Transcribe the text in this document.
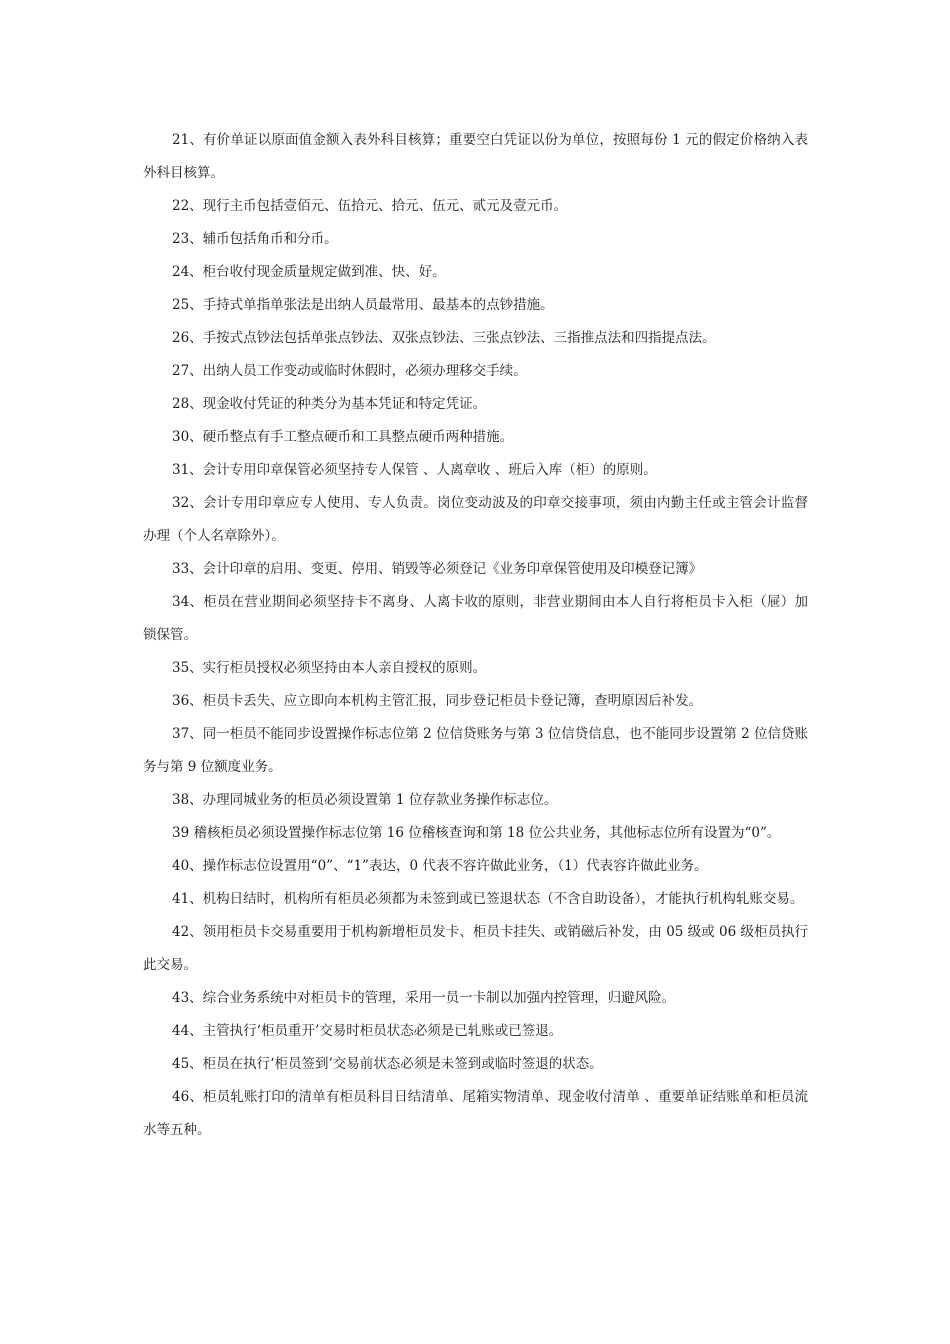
21、有价单证以原面值金额入表外科目核算；重要空白凭证以份为单位，按照每份 1 元的假定价格纳入表外科目核算。

22、现行主币包括壹佰元、伍拾元、拾元、伍元、贰元及壹元币。

23、辅币包括角币和分币。

24、柜台收付现金质量规定做到准、快、好。

25、手持式单指单张法是出纳人员最常用、最基本的点钞措施。

26、手按式点钞法包括单张点钞法、双张点钞法、三张点钞法、三指推点法和四指提点法。

27、出纳人员工作变动或临时休假时，必须办理移交手续。

28、现金收付凭证的种类分为基本凭证和特定凭证。

30、硬币整点有手工整点硬币和工具整点硬币两种措施。

31、会计专用印章保管必须坚持专人保管 、人离章收 、班后入库（柜）的原则。

32、会计专用印章应专人使用、专人负责。岗位变动波及的印章交接事项，须由内勤主任或主管会计监督办理（个人名章除外）。

33、会计印章的启用、变更、停用、销毁等必须登记《业务印章保管使用及印模登记簿》

34、柜员在营业期间必须坚持卡不离身、人离卡收的原则，非营业期间由本人自行将柜员卡入柜（屉）加锁保管。

35、实行柜员授权必须坚持由本人亲自授权的原则。

36、柜员卡丢失、应立即向本机构主管汇报，同步登记柜员卡登记簿，查明原因后补发。

37、同一柜员不能同步设置操作标志位第 2 位信贷账务与第 3 位信贷信息，也不能同步设置第 2 位信贷账务与第 9 位额度业务。

38、办理同城业务的柜员必须设置第 1 位存款业务操作标志位。

39 稽核柜员必须设置操作标志位第 16 位稽核查询和第 18 位公共业务，其他标志位所有设置为“0”。

40、操作标志位设置用“0”、“1”表达，0 代表不容许做此业务，（1）代表容许做此业务。

41、机构日结时，机构所有柜员必须都为未签到或已签退状态（不含自助设备），才能执行机构轧账交易。

42、领用柜员卡交易重要用于机构新增柜员发卡、柜员卡挂失、或销磁后补发，由 05 级或 06 级柜员执行此交易。

43、综合业务系统中对柜员卡的管理，采用一员一卡制以加强内控管理，归避风险。

44、主管执行‘柜员重开’交易时柜员状态必须是已轧账或已签退。

45、柜员在执行‘柜员签到’交易前状态必须是未签到或临时签退的状态。

46、柜员轧账打印的清单有柜员科目日结清单、尾箱实物清单、现金收付清单 、重要单证结账单和柜员流水等五种。
